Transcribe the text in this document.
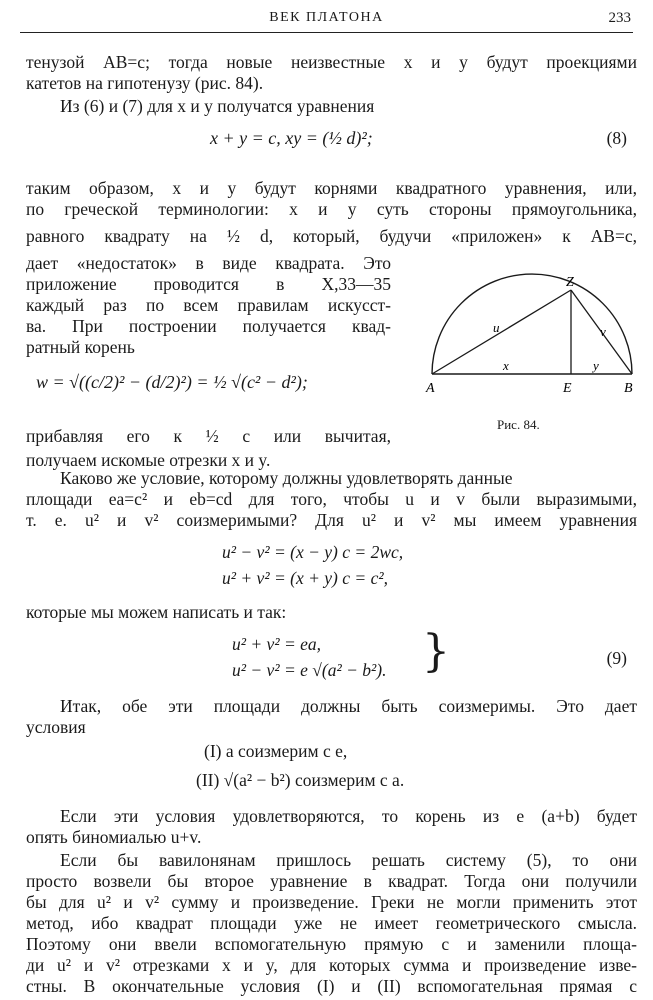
ВЕК ПЛАТОНА	233
тенузой AB=c; тогда новые неизвестные x и y будут проекциями
катетов на гипотенузу (рис. 84).
Из (6) и (7) для x и y получатся уравнения
x + y = c, xy = (½ d)²;	(8)
таким образом, x и y будут корнями квадратного уравнения, или,
по греческой терминологии: x и y суть стороны прямоугольника,
равного квадрату на ½ d, который, будучи «приложен» к AB=c,
дает «недостаток» в виде квадрата. Это
приложение проводится в X,33—35
каждый раз по всем правилам искусст-
ва. При построении получается квад-
ратный корень
w = √((c/2)² − (d/2)²) = ½ √(c² − d²);
прибавляя его к ½ c или вычитая,
получаем искомые отрезки x и y.
A	E	B
Z
u	v
x	y
Рис. 84.
Каково же условие, которому должны удовлетворять данные
площади ea=c² и eb=cd для того, чтобы u и v были выразимыми,
т. е. u² и v² соизмеримыми? Для u² и v² мы имеем уравнения
u² − v² = (x − y) c = 2wc,
u² + v² = (x + y) c = c²,
которые мы можем написать и так:
u² + v² = ea,
u² − v² = e √(a² − b²). }	(9)
Итак, обе эти площади должны быть соизмеримы. Это дает
условия
(I) a соизмерим с e,
(II) √(a² − b²) соизмерим с a.
Если эти условия удовлетворяются, то корень из e (a+b) будет
опять биномиалью u+v.
Если бы вавилонянам пришлось решать систему (5), то они
просто возвели бы второе уравнение в квадрат. Тогда они получили
бы для u² и v² сумму и произведение. Греки не могли применить этот
метод, ибо квадрат площади уже не имеет геометрического смысла.
Поэтому они ввели вспомогательную прямую c и заменили площа-
ди u² и v² отрезками x и y, для которых сумма и произведение изве-
стны. В окончательные условия (I) и (II) вспомогательная прямая c
